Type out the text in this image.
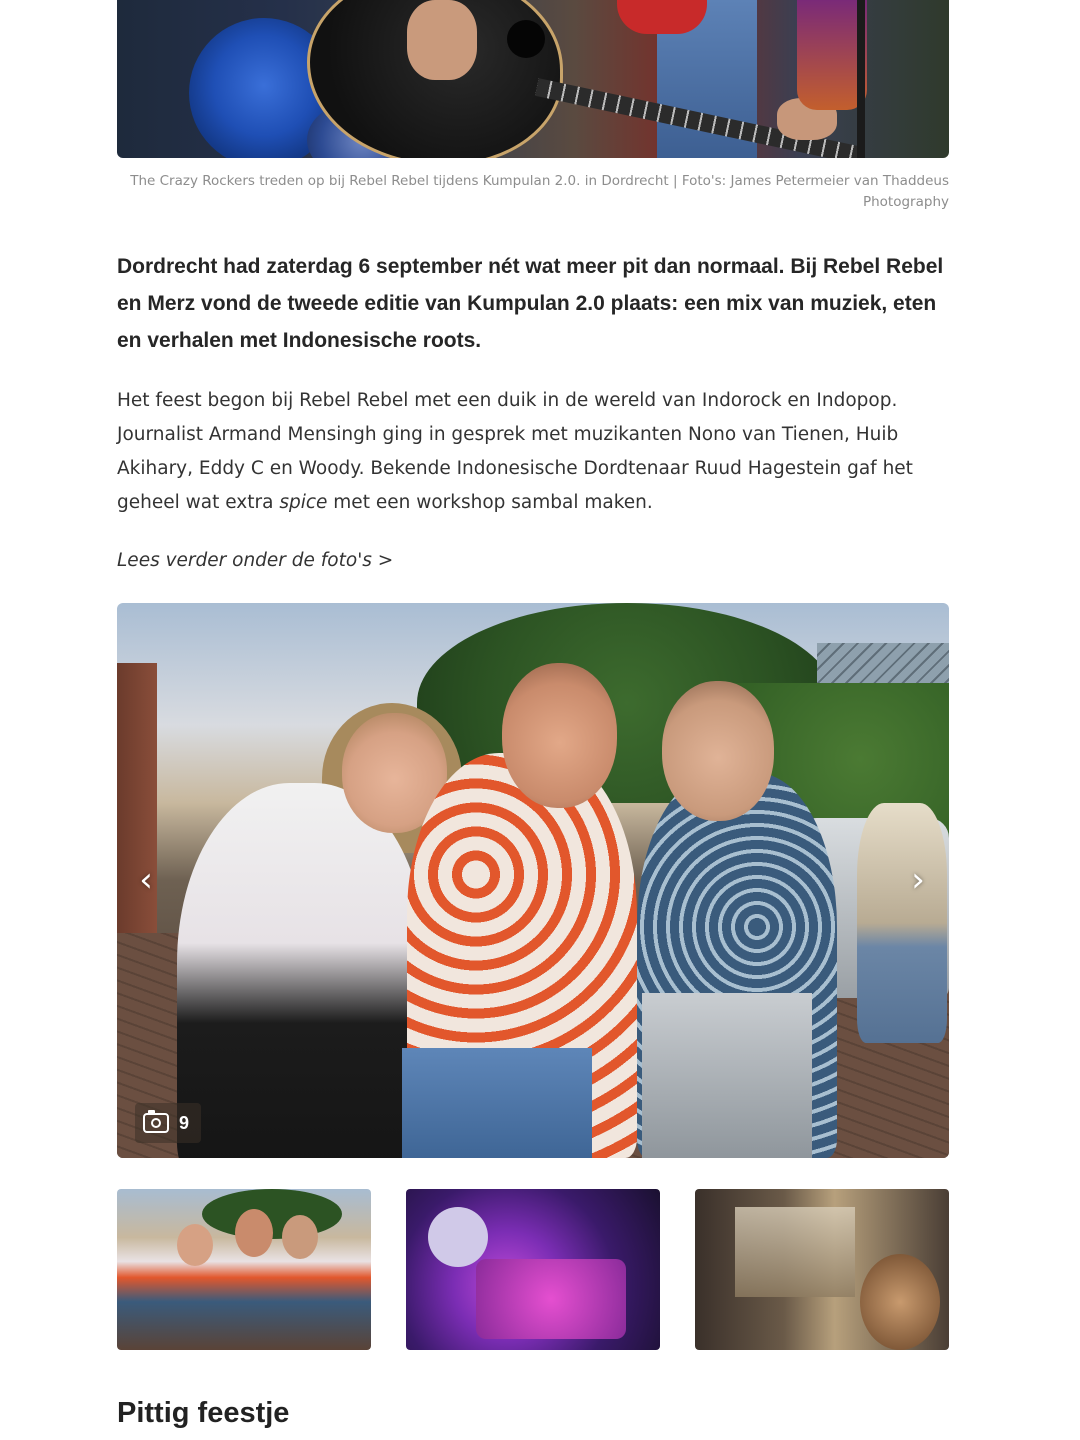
The Crazy Rockers treden op bij Rebel Rebel tijdens Kumpulan 2.0. in Dordrecht | Foto's: James Petermeier van Thaddeus Photography

Dordrecht had zaterdag 6 september nét wat meer pit dan normaal. Bij Rebel Rebel en Merz vond de tweede editie van Kumpulan 2.0 plaats: een mix van muziek, eten en verhalen met Indonesische roots.

Het feest begon bij Rebel Rebel met een duik in de wereld van Indorock en Indopop. Journalist Armand Mensingh ging in gesprek met muzikanten Nono van Tienen, Huib Akihary, Eddy C en Woody. Bekende Indonesische Dordtenaar Ruud Hagestein gaf het geheel wat extra spice met een workshop sambal maken.

Lees verder onder de foto's >

‹	›
9
Pittig feestje
